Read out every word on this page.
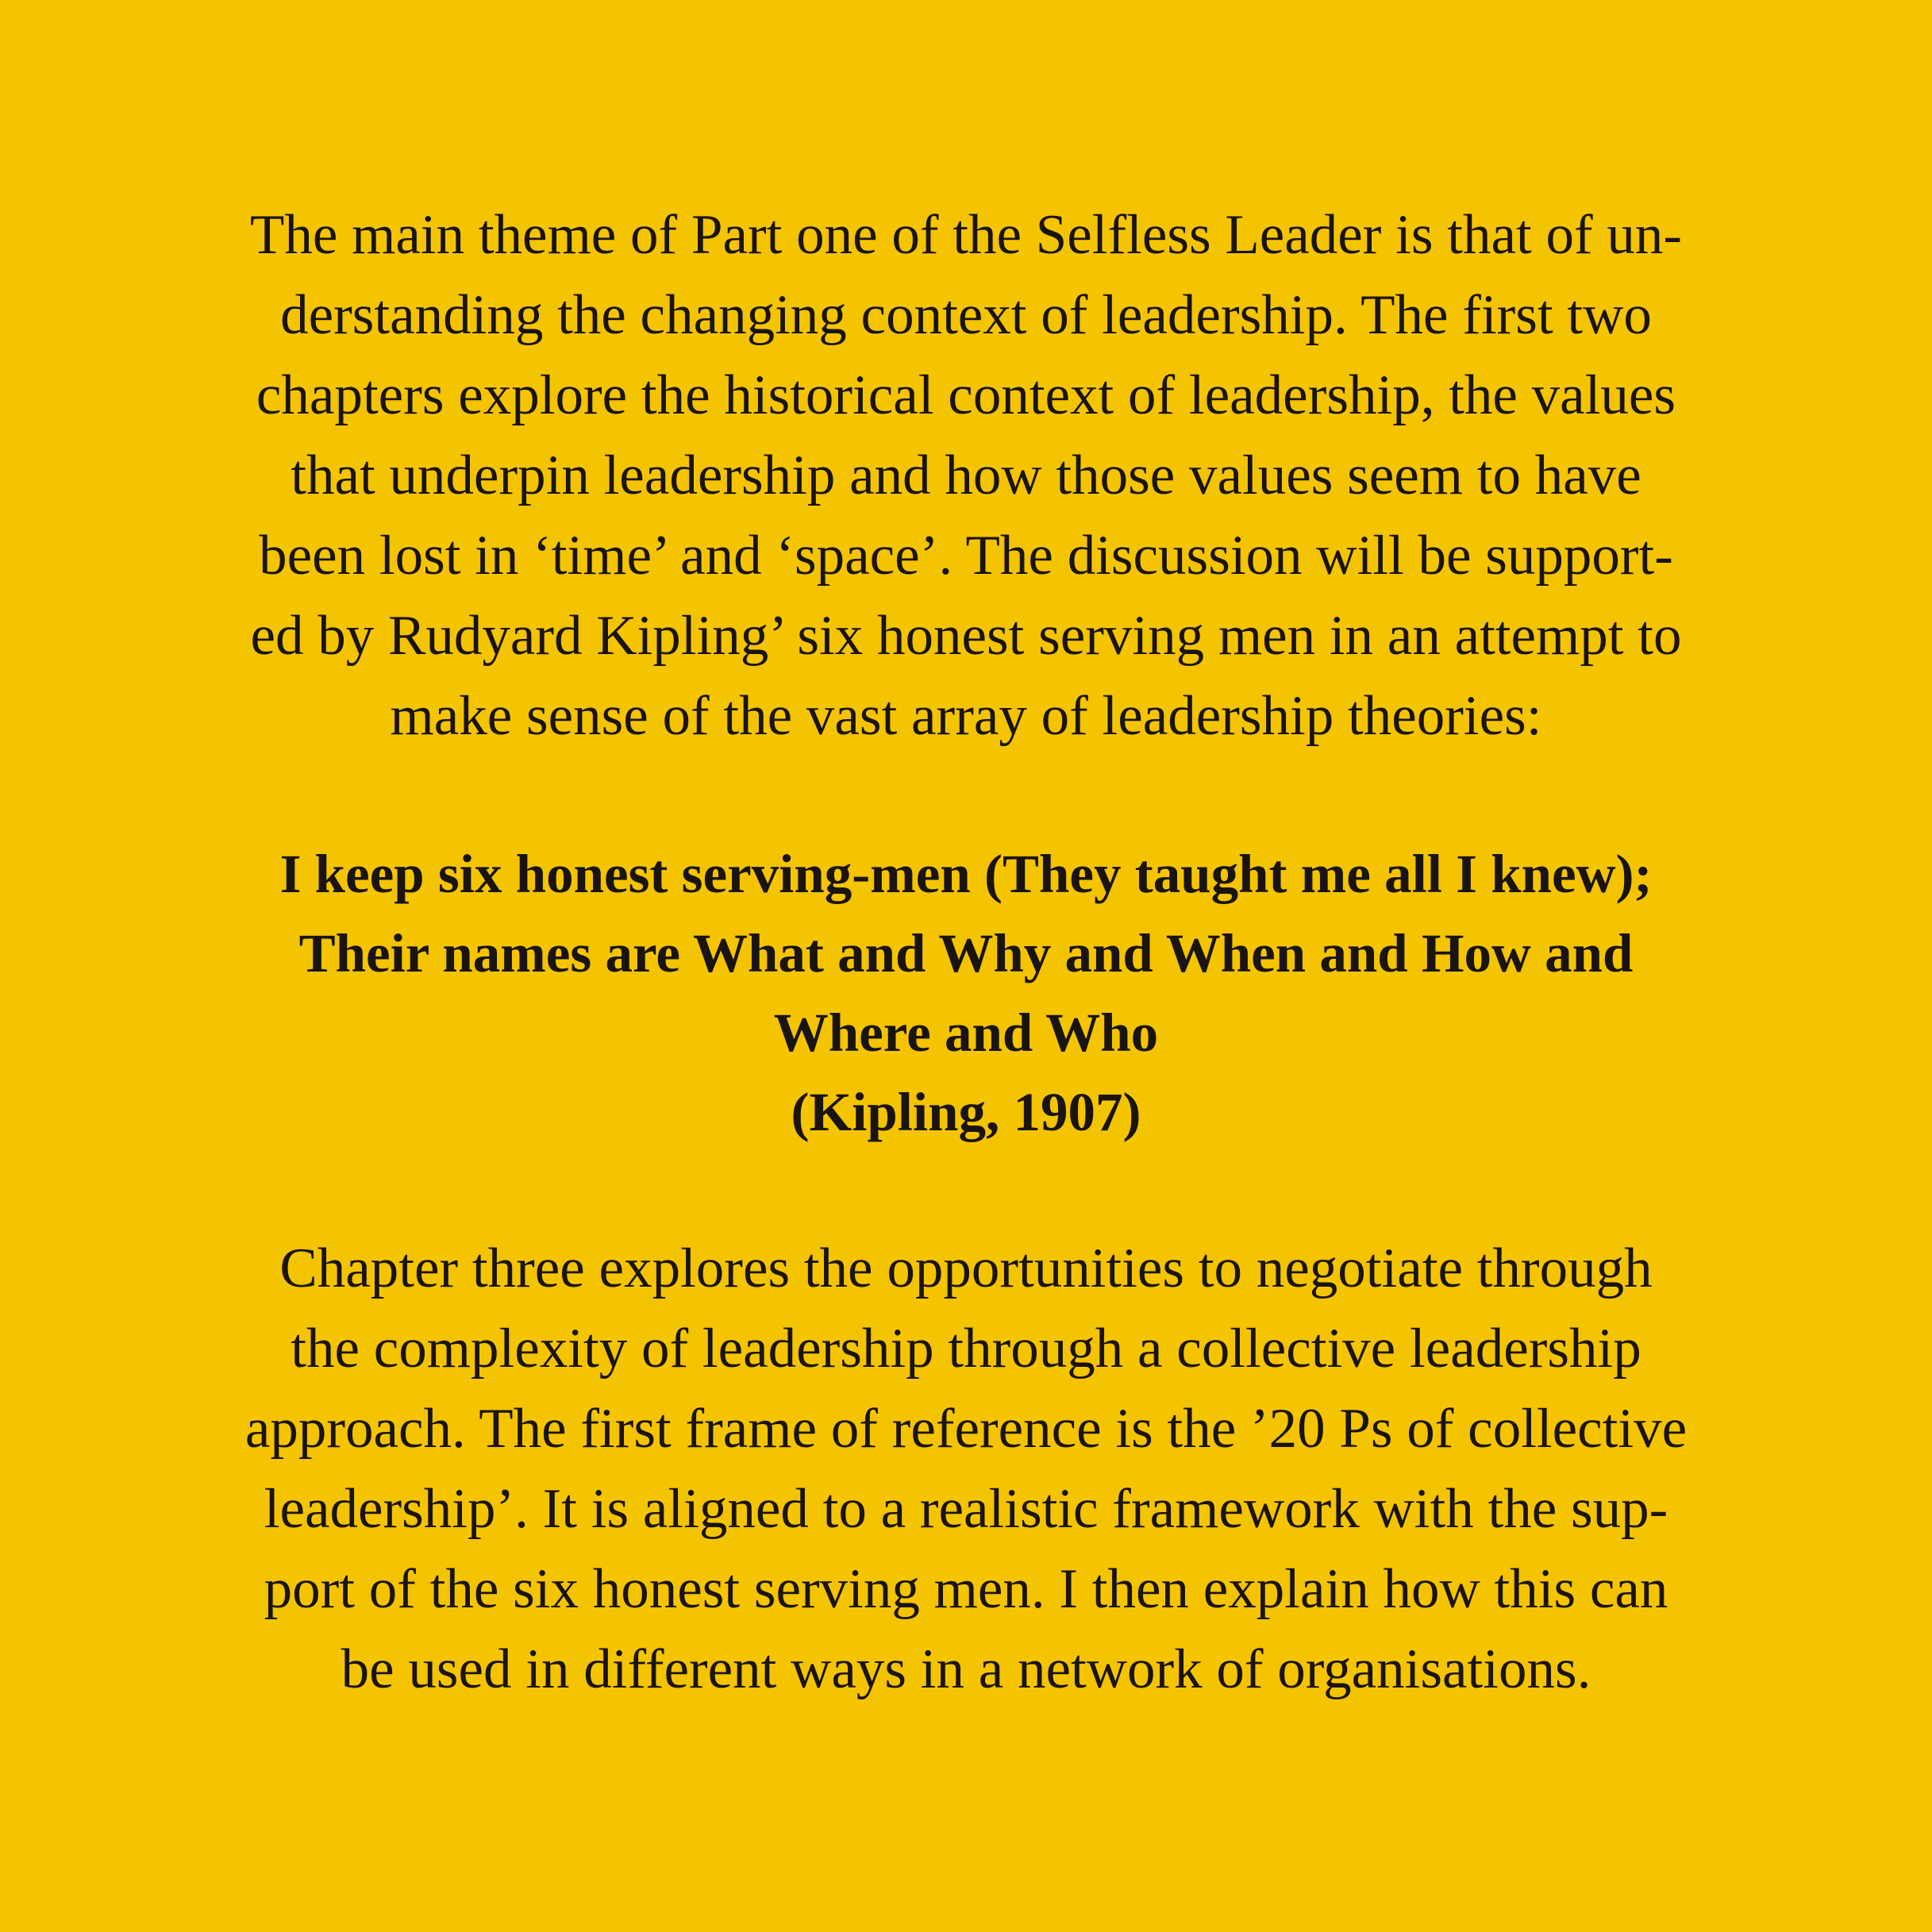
The main theme of Part one of the Selfless Leader is that of un-
derstanding the changing context of leadership. The first two
chapters explore the historical context of leadership, the values
that underpin leadership and how those values seem to have
been lost in ‘time’ and ‘space’. The discussion will be support-
ed by Rudyard Kipling’ six honest serving men in an attempt to
make sense of the vast array of leadership theories:
I keep six honest serving-men (They taught me all I knew);
Their names are What and Why and When and How and
Where and Who
(Kipling, 1907)
Chapter three explores the opportunities to negotiate through
the complexity of leadership through a collective leadership
approach. The first frame of reference is the ’20 Ps of collective
leadership’. It is aligned to a realistic framework with the sup-
port of the six honest serving men. I then explain how this can
be used in different ways in a network of organisations.
